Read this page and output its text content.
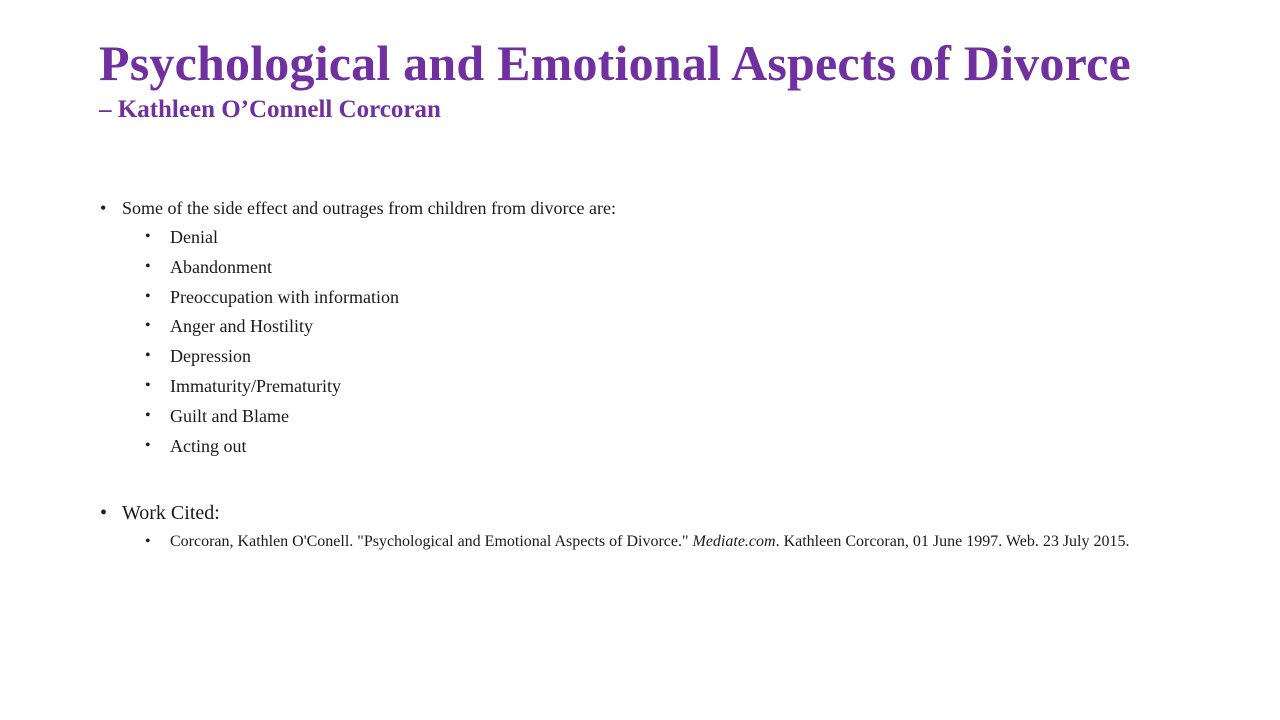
Psychological and Emotional Aspects of Divorce
– Kathleen O’Connell Corcoran
• Some of the side effect and outrages from children from divorce are:
• Denial
• Abandonment
• Preoccupation with information
• Anger and Hostility
• Depression
• Immaturity/Prematurity
• Guilt and Blame
• Acting out
• Work Cited:
• Corcoran, Kathlen O'Conell. "Psychological and Emotional Aspects of Divorce." Mediate.com. Kathleen Corcoran, 01 June 1997. Web. 23 July 2015.
